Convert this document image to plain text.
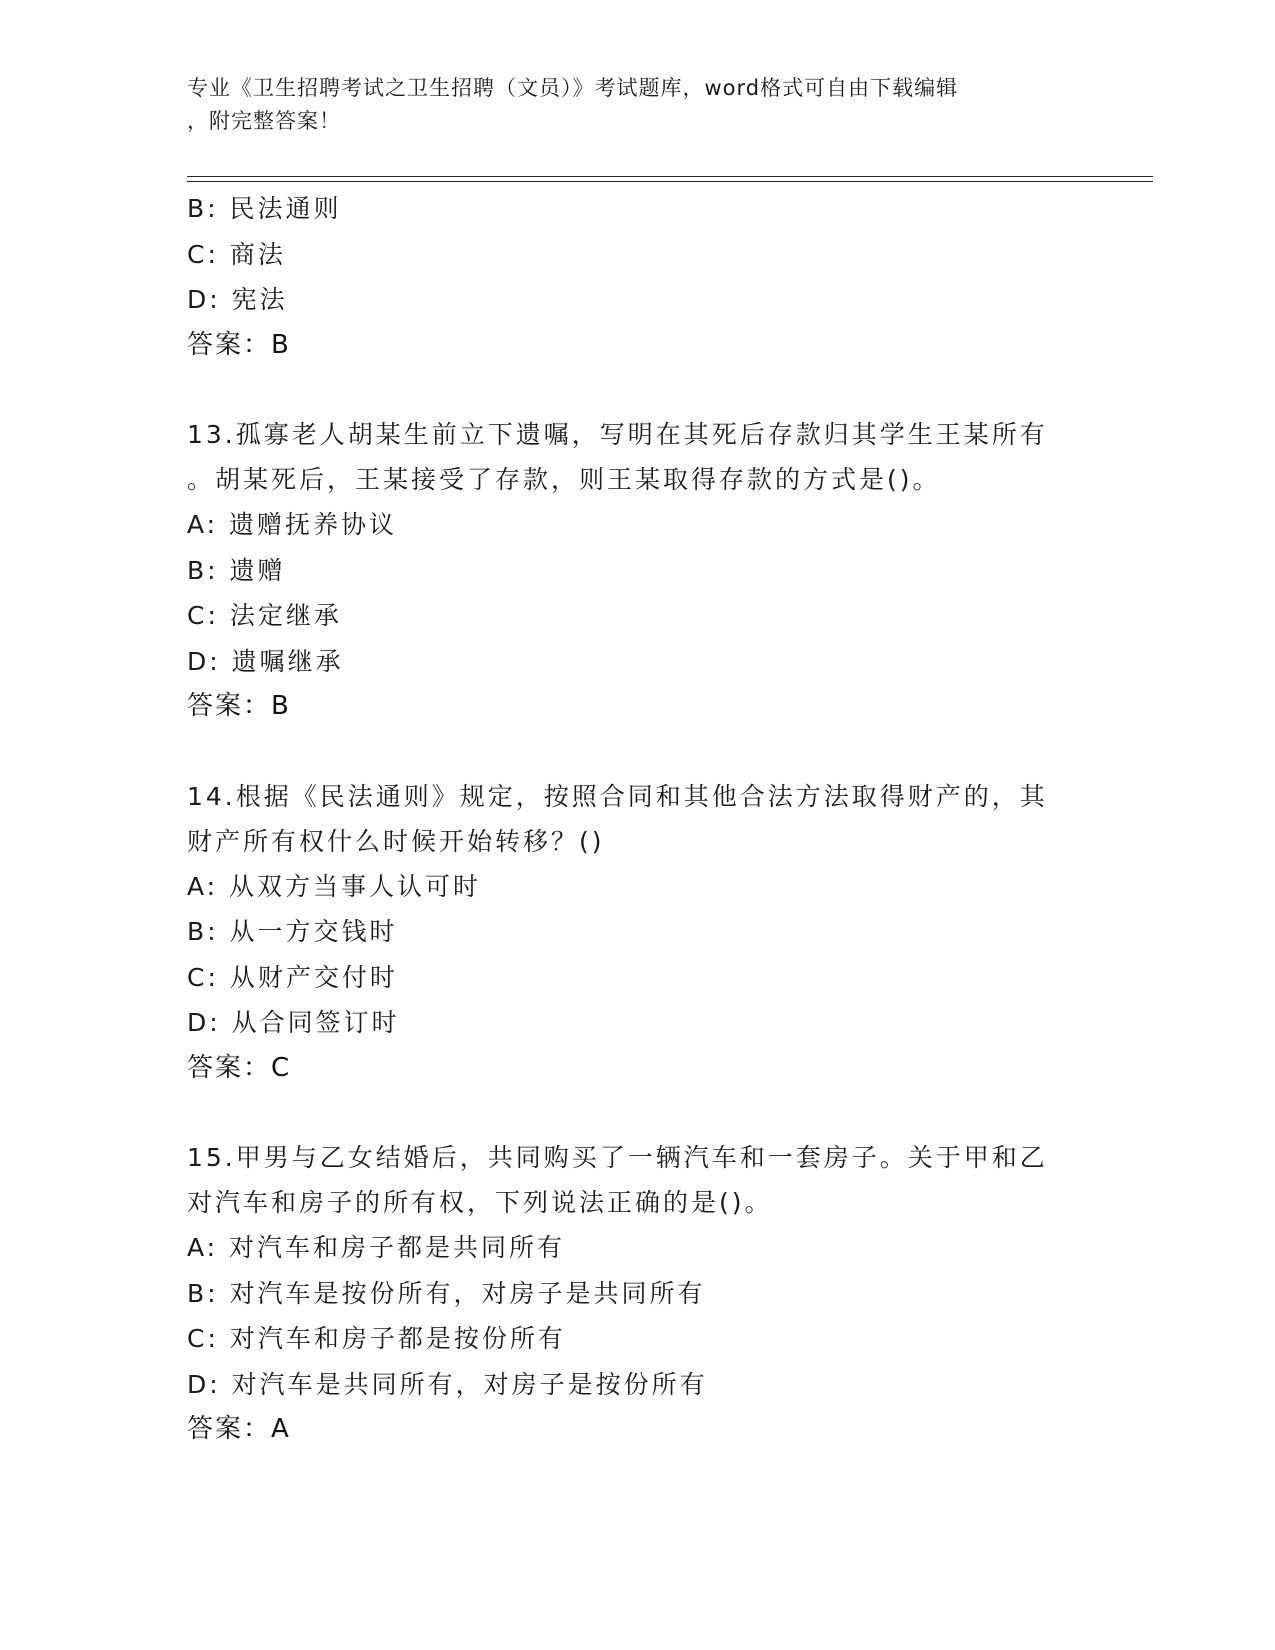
专业《卫生招聘考试之卫生招聘（文员）》考试题库，word格式可自由下载编辑
，附完整答案！
B: 民法通则
C: 商法
D: 宪法
答案：B
13.孤寡老人胡某生前立下遗嘱，写明在其死后存款归其学生王某所有
。胡某死后，王某接受了存款，则王某取得存款的方式是()。
A: 遗赠抚养协议
B: 遗赠
C: 法定继承
D: 遗嘱继承
答案：B
14.根据《民法通则》规定，按照合同和其他合法方法取得财产的，其
财产所有权什么时候开始转移？()
A: 从双方当事人认可时
B: 从一方交钱时
C: 从财产交付时
D: 从合同签订时
答案：C
15.甲男与乙女结婚后，共同购买了一辆汽车和一套房子。关于甲和乙
对汽车和房子的所有权，下列说法正确的是()。
A: 对汽车和房子都是共同所有
B: 对汽车是按份所有，对房子是共同所有
C: 对汽车和房子都是按份所有
D: 对汽车是共同所有，对房子是按份所有
答案：A
